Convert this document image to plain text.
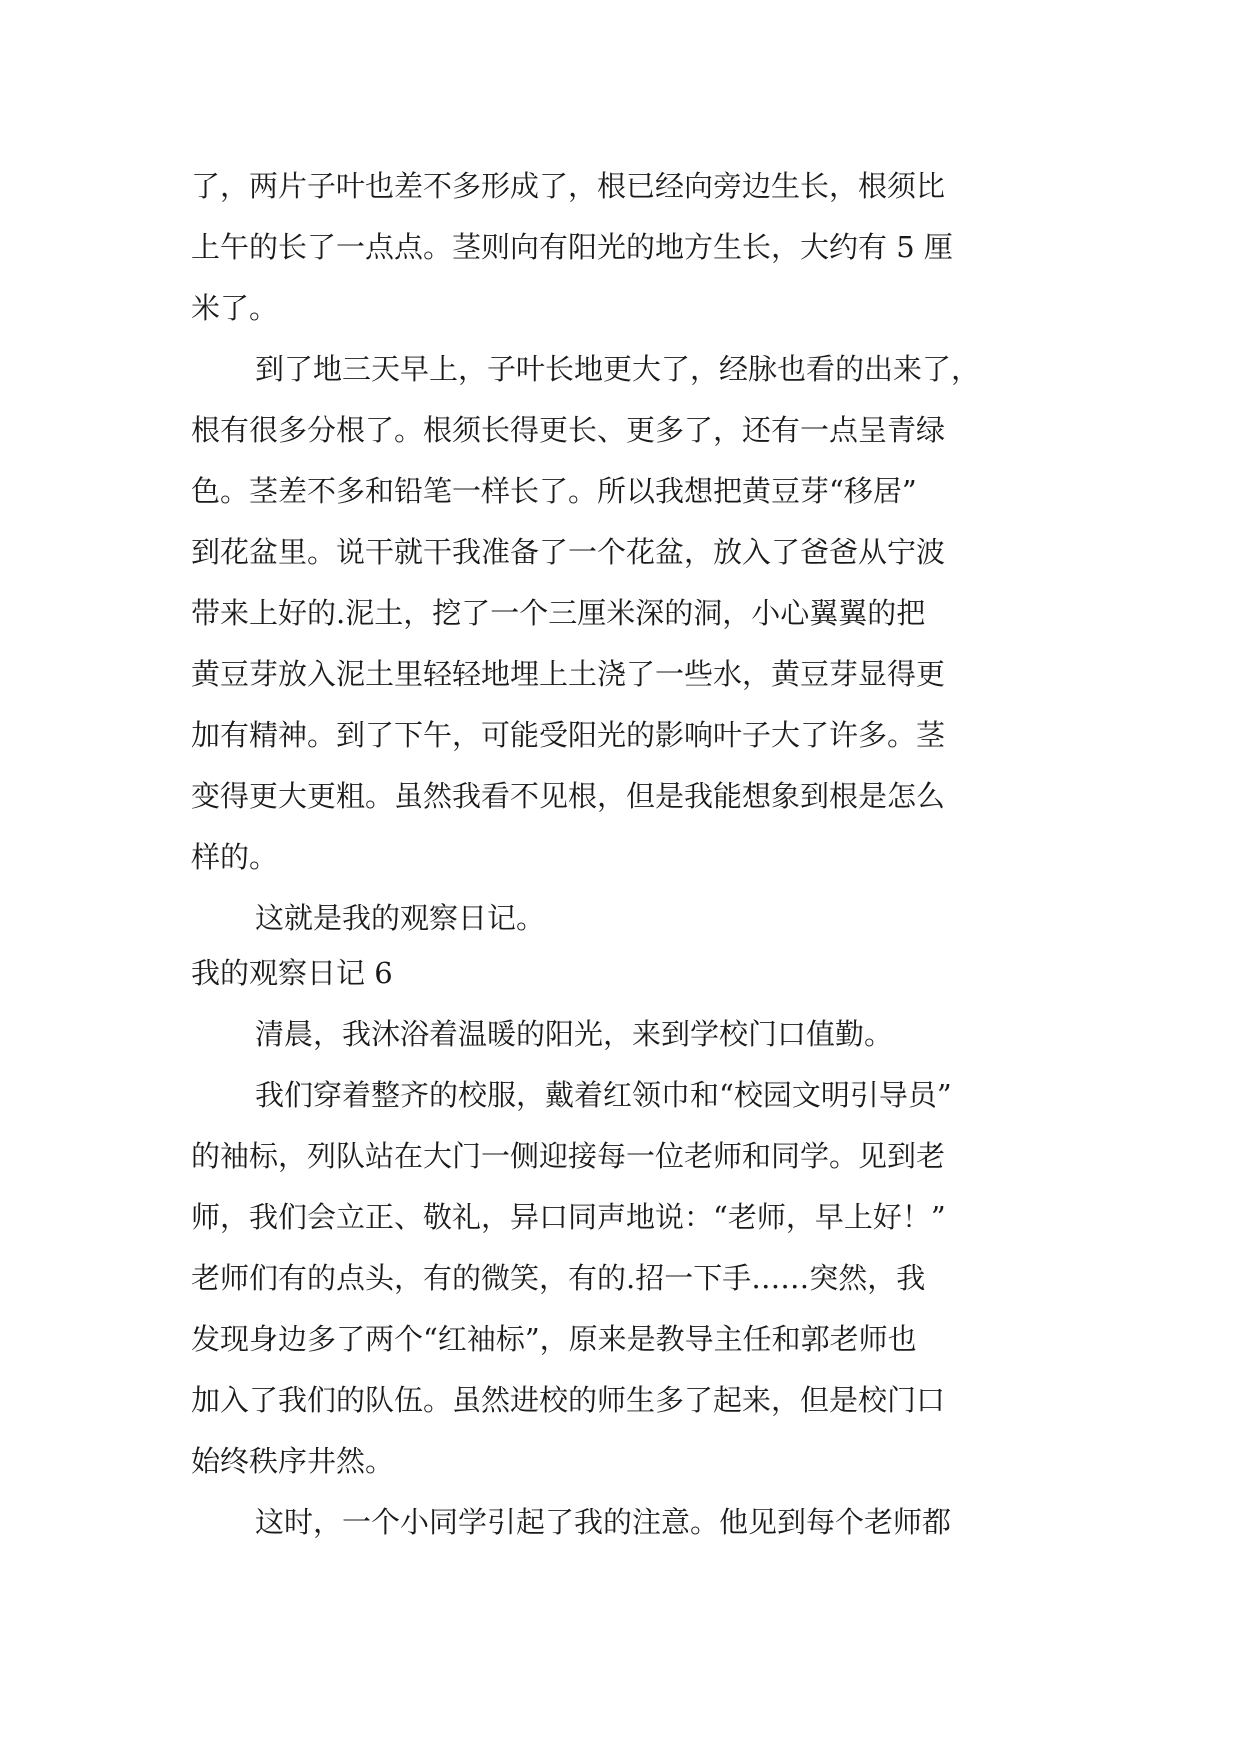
了，两片子叶也差不多形成了，根已经向旁边生长，根须比
上午的长了一点点。茎则向有阳光的地方生长，大约有 5 厘
米了。
到了地三天早上，子叶长地更大了，经脉也看的出来了，
根有很多分根了。根须长得更长、更多了，还有一点呈青绿
色。茎差不多和铅笔一样长了。所以我想把黄豆芽“移居”
到花盆里。说干就干我准备了一个花盆，放入了爸爸从宁波
带来上好的.泥土，挖了一个三厘米深的洞，小心翼翼的把
黄豆芽放入泥土里轻轻地埋上土浇了一些水，黄豆芽显得更
加有精神。到了下午，可能受阳光的影响叶子大了许多。茎
变得更大更粗。虽然我看不见根，但是我能想象到根是怎么
样的。
这就是我的观察日记。
我的观察日记 6
清晨，我沐浴着温暖的阳光，来到学校门口值勤。
我们穿着整齐的校服，戴着红领巾和“校园文明引导员”
的袖标，列队站在大门一侧迎接每一位老师和同学。见到老
师，我们会立正、敬礼，异口同声地说：“老师，早上好！”
老师们有的点头，有的微笑，有的.招一下手……突然，我
发现身边多了两个“红袖标”，原来是教导主任和郭老师也
加入了我们的队伍。虽然进校的师生多了起来，但是校门口
始终秩序井然。
这时，一个小同学引起了我的注意。他见到每个老师都
